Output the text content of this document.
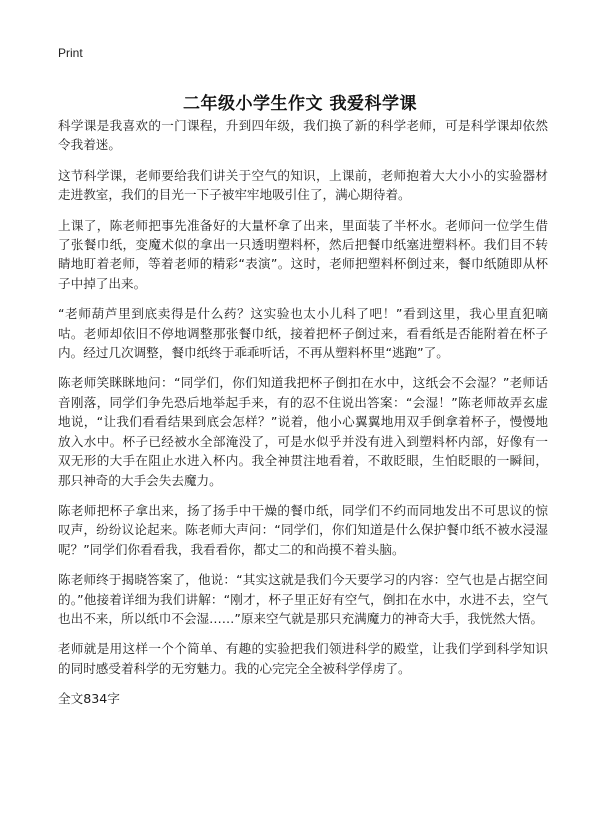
Print
二年级小学生作文 我爱科学课

科学课是我喜欢的一门课程，升到四年级，我们换了新的科学老师，可是科学课却依然令我着迷。

这节科学课，老师要给我们讲关于空气的知识，上课前，老师抱着大大小小的实验器材走进教室，我们的目光一下子被牢牢地吸引住了，满心期待着。

上课了，陈老师把事先准备好的大量杯拿了出来，里面装了半杯水。老师问一位学生借了张餐巾纸，变魔术似的拿出一只透明塑料杯，然后把餐巾纸塞进塑料杯。我们目不转睛地盯着老师，等着老师的精彩“表演”。这时，老师把塑料杯倒过来，餐巾纸随即从杯子中掉了出来。

“老师葫芦里到底卖得是什么药？这实验也太小儿科了吧！”看到这里，我心里直犯嘀咕。老师却依旧不停地调整那张餐巾纸，接着把杯子倒过来，看看纸是否能附着在杯子内。经过几次调整，餐巾纸终于乖乖听话，不再从塑料杯里“逃跑”了。

陈老师笑眯眯地问：“同学们，你们知道我把杯子倒扣在水中，这纸会不会湿？”老师话音刚落，同学们争先恐后地举起手来，有的忍不住说出答案：“会湿！”陈老师故弄玄虚地说，“让我们看看结果到底会怎样？”说着，他小心翼翼地用双手倒拿着杯子，慢慢地放入水中。杯子已经被水全部淹没了，可是水似乎并没有进入到塑料杯内部，好像有一双无形的大手在阻止水进入杯内。我全神贯注地看着，不敢眨眼，生怕眨眼的一瞬间，那只神奇的大手会失去魔力。

陈老师把杯子拿出来，扬了扬手中干燥的餐巾纸，同学们不约而同地发出不可思议的惊叹声，纷纷议论起来。陈老师大声问：“同学们，你们知道是什么保护餐巾纸不被水浸湿呢？”同学们你看看我，我看看你，都丈二的和尚摸不着头脑。

陈老师终于揭晓答案了，他说：“其实这就是我们今天要学习的内容：空气也是占据空间的。”他接着详细为我们讲解：“刚才，杯子里正好有空气，倒扣在水中，水进不去，空气也出不来，所以纸巾不会湿……”原来空气就是那只充满魔力的神奇大手，我恍然大悟。

老师就是用这样一个个简单、有趣的实验把我们领进科学的殿堂，让我们学到科学知识的同时感受着科学的无穷魅力。我的心完完全全被科学俘虏了。

全文834字
